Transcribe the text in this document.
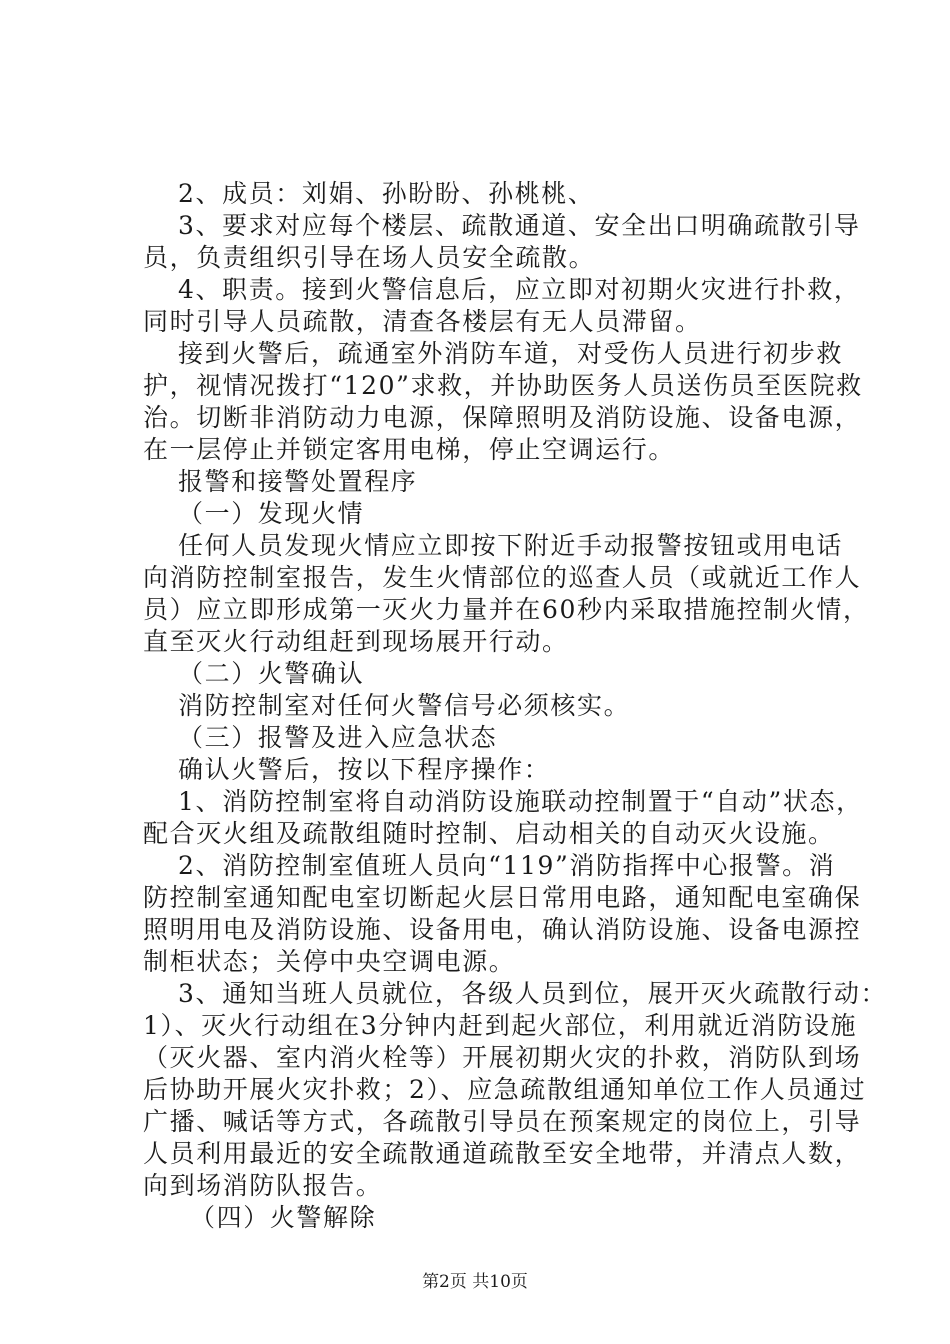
2、成员：刘娟、孙盼盼、孙桃桃、
3、要求对应每个楼层、疏散通道、安全出口明确疏散引导
员，负责组织引导在场人员安全疏散。
4、职责。接到火警信息后，应立即对初期火灾进行扑救，
同时引导人员疏散，清查各楼层有无人员滞留。
接到火警后，疏通室外消防车道，对受伤人员进行初步救
护，视情况拨打“120”求救，并协助医务人员送伤员至医院救
治。切断非消防动力电源，保障照明及消防设施、设备电源，
在一层停止并锁定客用电梯，停止空调运行。
报警和接警处置程序
（一）发现火情
任何人员发现火情应立即按下附近手动报警按钮或用电话
向消防控制室报告，发生火情部位的巡查人员（或就近工作人
员）应立即形成第一灭火力量并在60秒内采取措施控制火情，
直至灭火行动组赶到现场展开行动。
（二）火警确认
消防控制室对任何火警信号必须核实。
（三）报警及进入应急状态
确认火警后，按以下程序操作：
1、消防控制室将自动消防设施联动控制置于“自动”状态，
配合灭火组及疏散组随时控制、启动相关的自动灭火设施。
2、消防控制室值班人员向“119”消防指挥中心报警。消
防控制室通知配电室切断起火层日常用电路，通知配电室确保
照明用电及消防设施、设备用电，确认消防设施、设备电源控
制柜状态；关停中央空调电源。
3、通知当班人员就位，各级人员到位，展开灭火疏散行动：
1）、灭火行动组在3分钟内赶到起火部位，利用就近消防设施
（灭火器、室内消火栓等）开展初期火灾的扑救，消防队到场
后协助开展火灾扑救；2）、应急疏散组通知单位工作人员通过
广播、喊话等方式，各疏散引导员在预案规定的岗位上，引导
人员利用最近的安全疏散通道疏散至安全地带，并清点人数，
向到场消防队报告。
（四）火警解除
第2页 共10页
